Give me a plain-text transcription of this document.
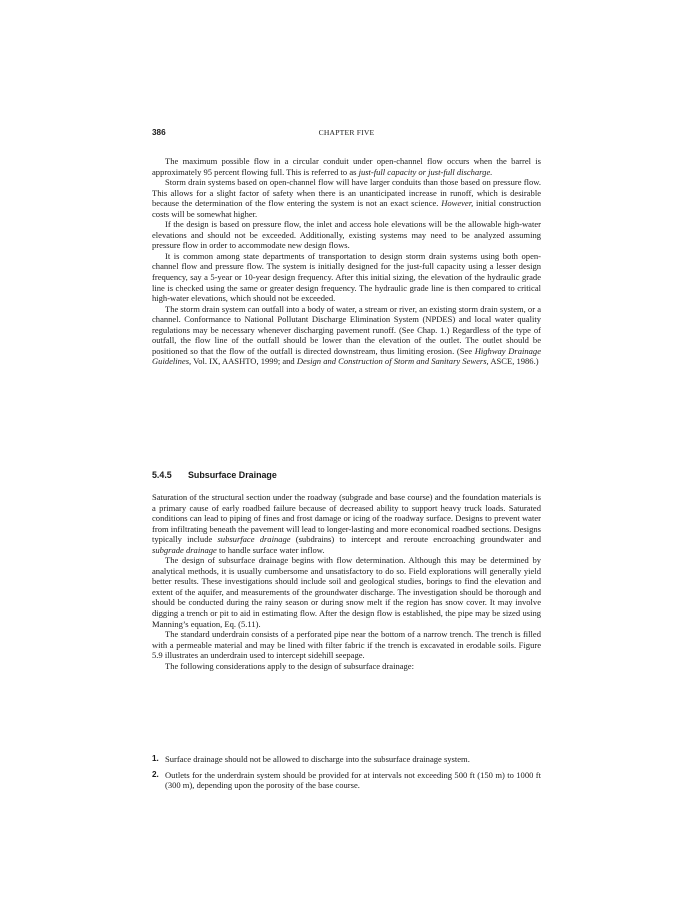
386	CHAPTER FIVE

The maximum possible flow in a circular conduit under open-channel flow occurs when the barrel is approximately 95 percent flowing full. This is referred to as just-full capacity or just-full discharge.

Storm drain systems based on open-channel flow will have larger conduits than those based on pressure flow. This allows for a slight factor of safety when there is an unanticipated increase in runoff, which is desirable because the determination of the flow entering the system is not an exact science. However, initial construction costs will be somewhat higher.

If the design is based on pressure flow, the inlet and access hole elevations will be the allowable high-water elevations and should not be exceeded. Additionally, existing systems may need to be analyzed assuming pressure flow in order to accommodate new design flows.

It is common among state departments of transportation to design storm drain systems using both open-channel flow and pressure flow. The system is initially designed for the just-full capacity using a lesser design frequency, say a 5-year or 10-year design frequency. After this initial sizing, the elevation of the hydraulic grade line is checked using the same or greater design frequency. The hydraulic grade line is then compared to critical high-water elevations, which should not be exceeded.

The storm drain system can outfall into a body of water, a stream or river, an existing storm drain system, or a channel. Conformance to National Pollutant Discharge Elimination System (NPDES) and local water quality regulations may be necessary whenever discharging pavement runoff. (See Chap. 1.) Regardless of the type of outfall, the flow line of the outfall should be lower than the elevation of the outlet. The outlet should be positioned so that the flow of the outfall is directed downstream, thus limiting erosion. (See Highway Drainage Guidelines, Vol. IX, AASHTO, 1999; and Design and Construction of Storm and Sanitary Sewers, ASCE, 1986.)

5.4.5 Subsurface Drainage

Saturation of the structural section under the roadway (subgrade and base course) and the foundation materials is a primary cause of early roadbed failure because of decreased ability to support heavy truck loads. Saturated conditions can lead to piping of fines and frost damage or icing of the roadway surface. Designs to prevent water from infiltrating beneath the pavement will lead to longer-lasting and more economical roadbed sections. Designs typically include subsurface drainage (subdrains) to intercept and reroute encroaching groundwater and subgrade drainage to handle surface water inflow.

The design of subsurface drainage begins with flow determination. Although this may be determined by analytical methods, it is usually cumbersome and unsatisfactory to do so. Field explorations will generally yield better results. These investigations should include soil and geological studies, borings to find the elevation and extent of the aquifer, and measurements of the groundwater discharge. The investigation should be thorough and should be conducted during the rainy season or during snow melt if the region has snow cover. It may involve digging a trench or pit to aid in estimating flow. After the design flow is established, the pipe may be sized using Manning’s equation, Eq. (5.11).

The standard underdrain consists of a perforated pipe near the bottom of a narrow trench. The trench is filled with a permeable material and may be lined with filter fabric if the trench is excavated in erodable soils. Figure 5.9 illustrates an underdrain used to intercept sidehill seepage.

The following considerations apply to the design of subsurface drainage:

1. Surface drainage should not be allowed to discharge into the subsurface drainage system.
2. Outlets for the underdrain system should be provided for at intervals not exceeding 500 ft (150 m) to 1000 ft (300 m), depending upon the porosity of the base course.
